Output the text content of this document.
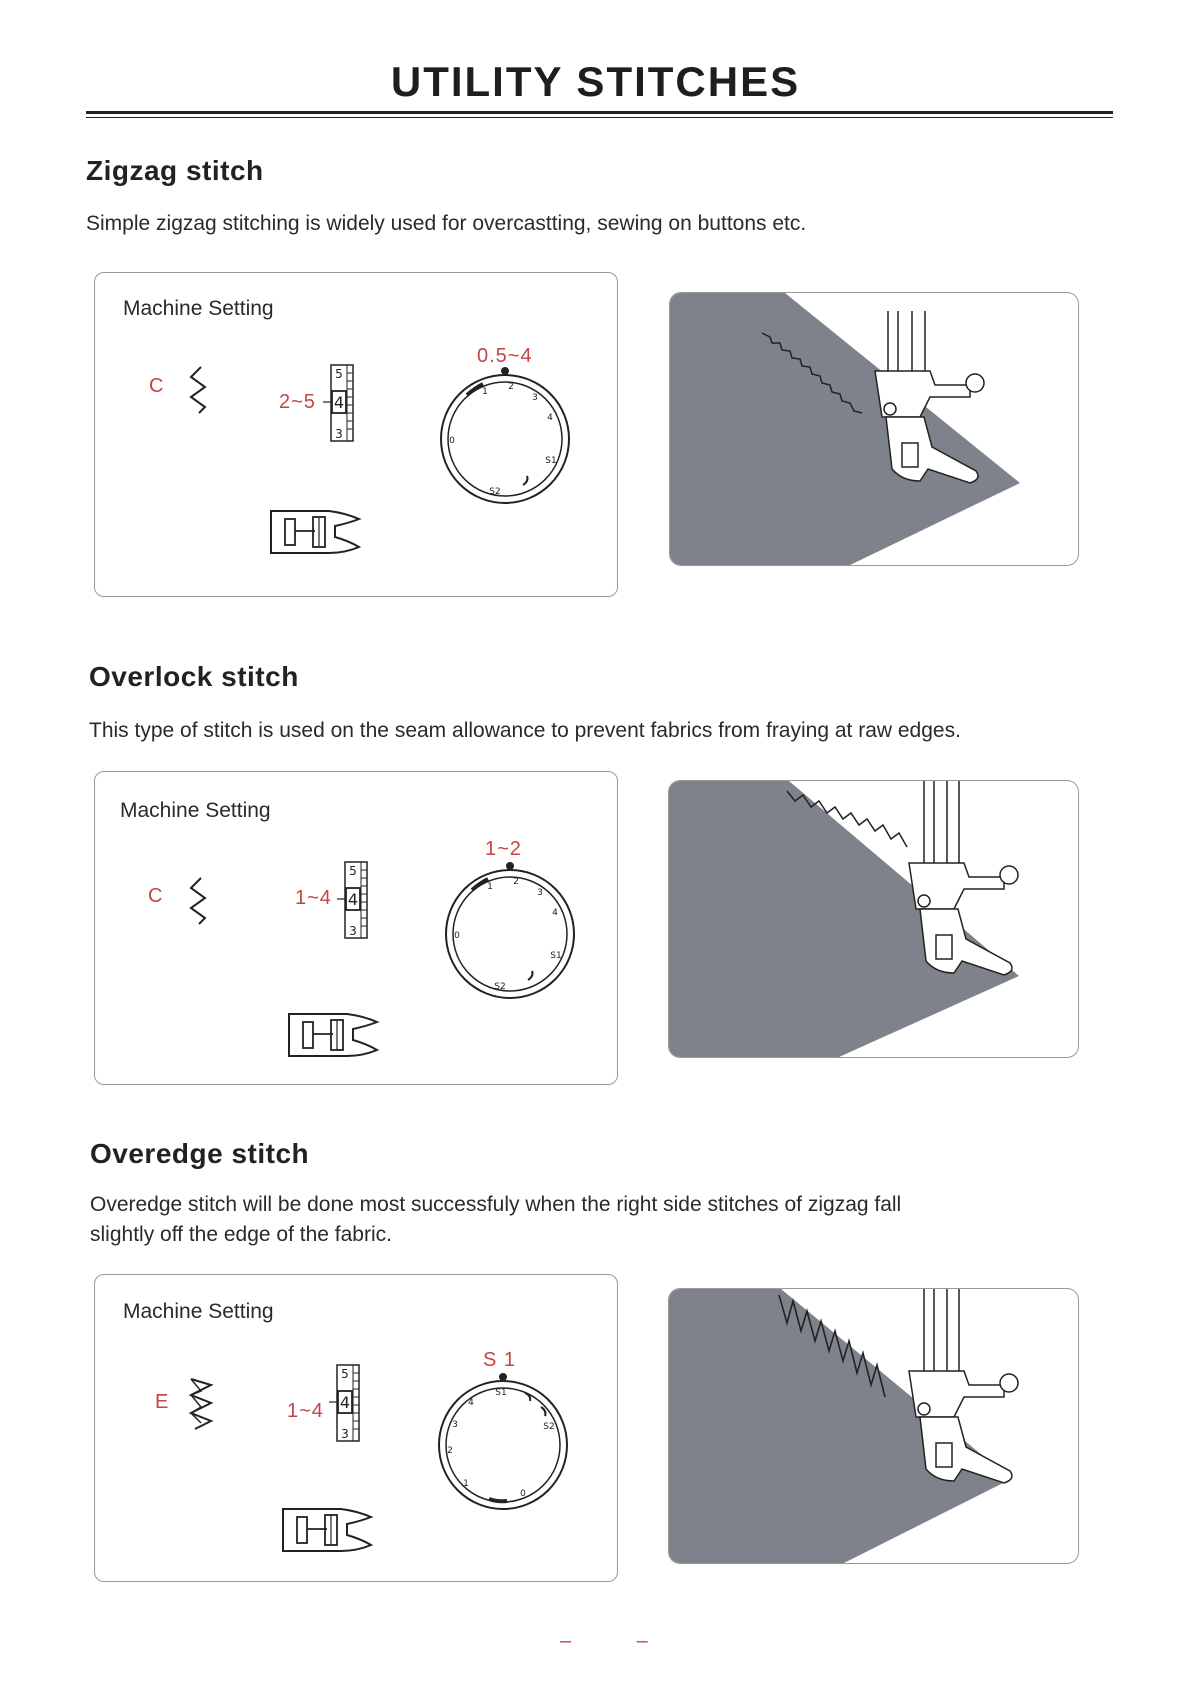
UTILITY STITCHES
Zigzag stitch
Simple zigzag stitching is widely used for overcastting, sewing on buttons etc.
Machine Setting
C
2~5
5
4
3
0.5~4
0
1 2
3
4
S1
S2
Overlock stitch
This type of stitch is used on the seam allowance to prevent fabrics from fraying at raw edges.
Machine Setting
C	1~4
5
4
3
1~2
0
1 2
3
4
S1
S2
Overedge stitch
Overedge stitch will be done most successfuly when the right side stitches of zigzag fall
slightly off the edge of the fabric.
Machine Setting
E	1~4
5
4
3
S 1
0
1
2
3
4
S1
S2
– –
